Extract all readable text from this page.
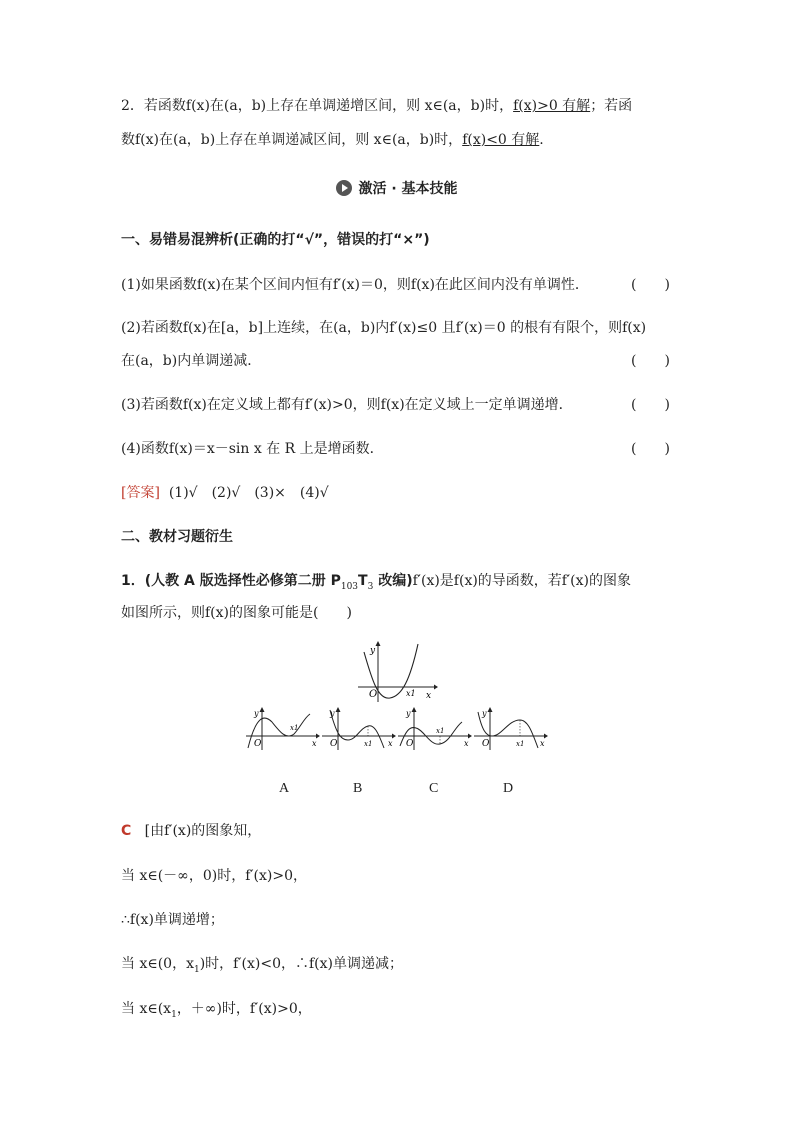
2．若函数f(x)在(a，b)上存在单调递增区间，则 x∈(a，b)时，f(x)>0 有解；若函
数f(x)在(a，b)上存在单调递减区间，则 x∈(a，b)时，f(x)<0 有解.
激活 · 基本技能
一、易错易混辨析(正确的打“√”，错误的打“×”)
(1)如果函数f(x)在某个区间内恒有f′(x)＝0，则f(x)在此区间内没有单调性．	(　　)
(2)若函数f(x)在[a，b]上连续，在(a，b)内f′(x)≤0 且f′(x)＝0 的根有有限个，则f(x)
在(a，b)内单调递减．	(　　)
(3)若函数f(x)在定义域上都有f′(x)>0，则f(x)在定义域上一定单调递增．	(　　)
(4)函数f(x)＝x－sin x 在 R 上是增函数．	(　　)
[答案] (1)√　(2)√　(3)×　(4)√
二、教材习题衍生
1．(人教 A 版选择性必修第二册 $P_{103}T_3$ 改编)f′(x)是f(x)的导函数，若f′(x)的图象
如图所示，则f(x)的图象可能是(　　)
y
x
O	x1
y
O
x1
x
y
O	x1 x
y
O
x1
x
y
O	x1 x
A	B	C	D
C [由f′(x)的图象知，
当 x∈(－∞，0)时，f′(x)>0，
∴f(x)单调递增；
当 x∈(0，$x_1$)时，f′(x)<0，∴f(x)单调递减；
当 $x\in(x_1$，＋∞)时，f′(x)>0，
